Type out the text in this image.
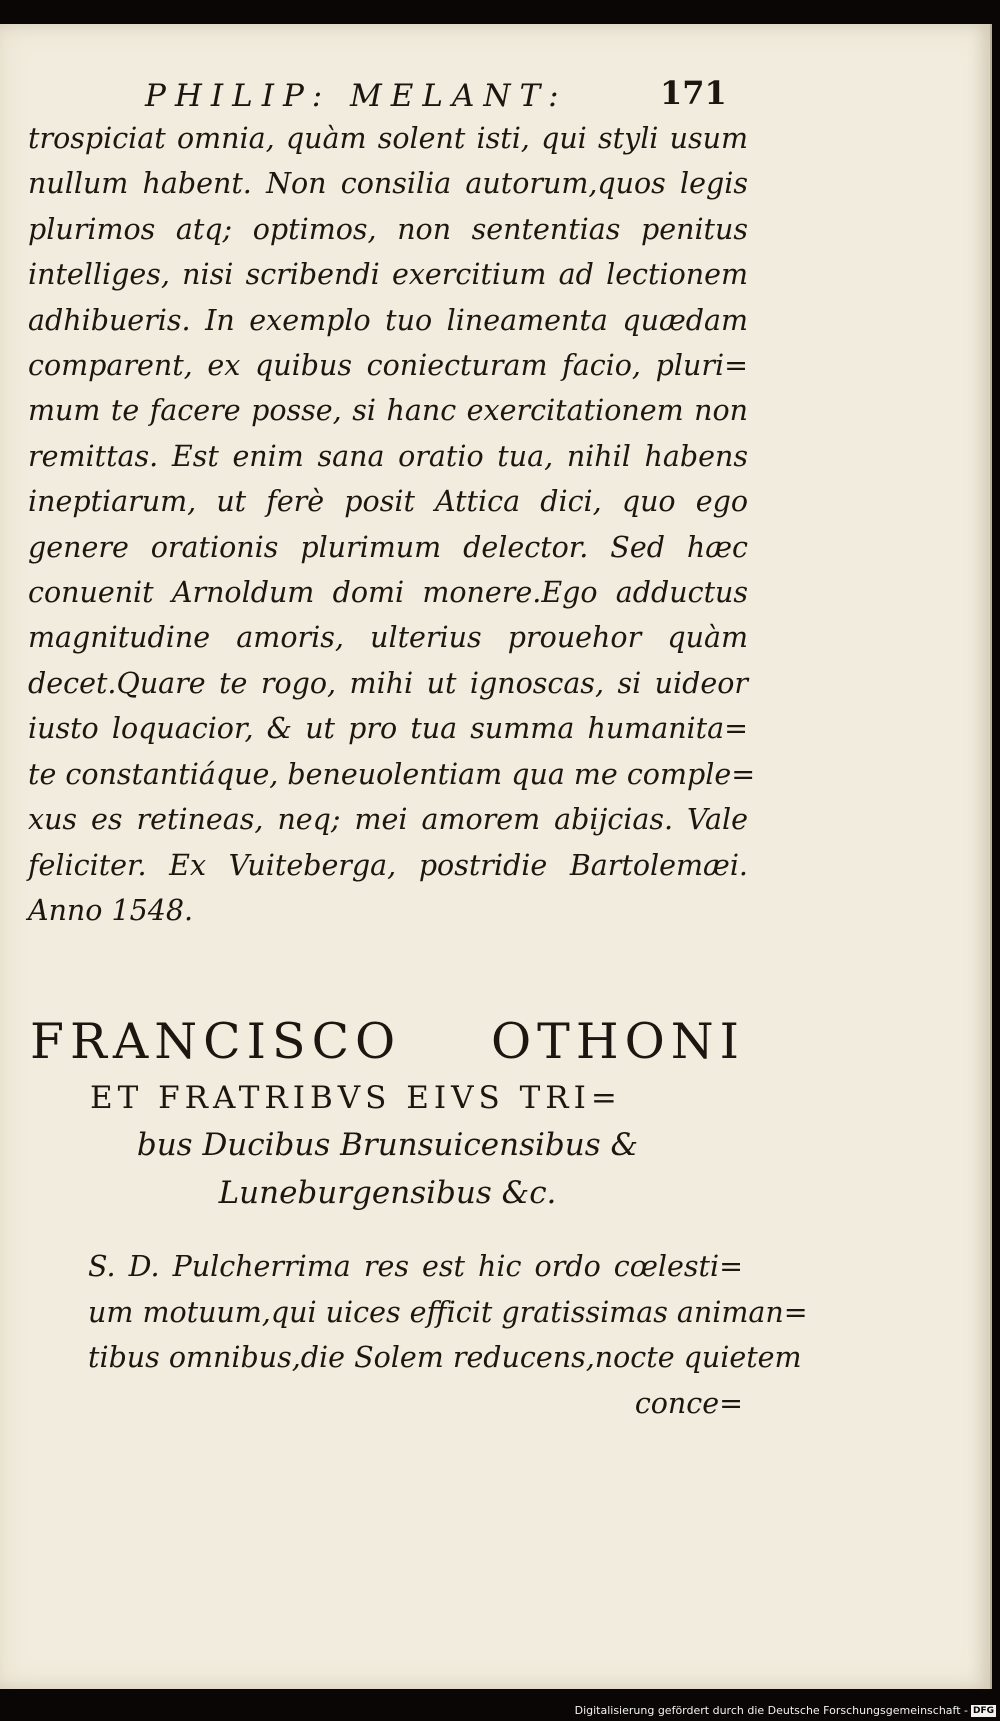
PHILIP: MELANT:	171
trospiciat omnia, quàm solent isti, qui styli usum
nullum habent. Non consilia autorum,quos legis
plurimos atq; optimos, non sententias penitus
intelliges, nisi scribendi exercitium ad lectionem
adhibueris. In exemplo tuo lineamenta quædam
comparent, ex quibus coniecturam facio, pluri=
mum te facere posse, si hanc exercitationem non
remittas. Est enim sana oratio tua, nihil habens
ineptiarum, ut ferè posit Attica dici, quo ego
genere orationis plurimum delector. Sed hæc
conuenit Arnoldum domi monere.Ego adductus
magnitudine amoris, ulterius prouehor quàm
decet.Quare te rogo, mihi ut ignoscas, si uideor
iusto loquacior, & ut pro tua summa humanita=
te constantiáque, beneuolentiam qua me comple=
xus es retineas, neq; mei amorem abijcias. Vale
feliciter. Ex Vuiteberga, postridie Bartolemæi.
Anno 1548.
FRANCISCO OTHONI
ET FRATRIBVS EIVS TRI=
bus Ducibus Brunsuicensibus &
Luneburgensibus &c.
S. D. Pulcherrima res est hic ordo cœlesti=
um motuum,qui uices efficit gratissimas animan=
tibus omnibus,die Solem reducens,nocte quietem
conce=
Digitalisierung gefördert durch die Deutsche Forschungsgemeinschaft - DFG
